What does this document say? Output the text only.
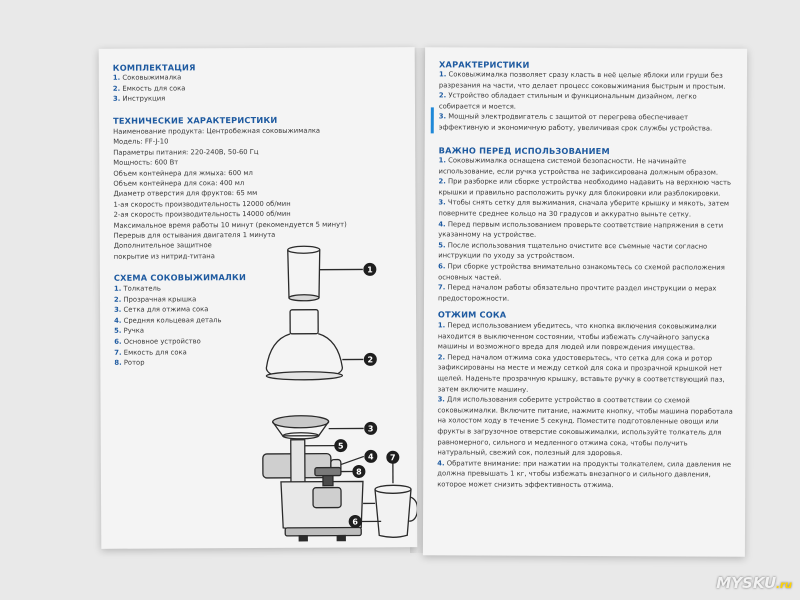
КОМПЛЕКТАЦИЯ
1. Соковыжималка
2. Емкость для сока
3. Инструкция
ТЕХНИЧЕСКИЕ ХАРАКТЕРИСТИКИ
Наименование продукта: Центробежная соковыжималка
Модель: FF-J-10
Параметры питания: 220-240В, 50-60 Гц
Мощность: 600 Вт
Объем контейнера для жмыха: 600 мл
Объем контейнера для сока: 400 мл
Диаметр отверстия для фруктов: 65 мм
1-ая скорость производительность 12000 об/мин
2-ая скорость производительность 14000 об/мин
Максимальное время работы 10 минут (рекомендуется 5 минут)
Перерыв для остывания двигателя 1 минута
Дополнительное защитное
покрытие из нитрид-титана
СХЕМА СОКОВЫЖИМАЛКИ
1. Толкатель
2. Прозрачная крышка
3. Сетка для отжима сока
4. Средняя кольцевая деталь
5. Ручка
6. Основное устройство
7. Емкость для сока
8. Ротор
1
2
3
4
5
6
7
8
ХАРАКТЕРИСТИКИ
1. Соковыжималка позволяет сразу класть в неё целые яблоки или груши без разрезания на части, что делает процесс соковыжимания быстрым и простым.
2. Устройство обладает стильным и функциональным дизайном, легко собирается и моется.
3. Мощный электродвигатель с защитой от перегрева обеспечивает эффективную и экономичную работу, увеличивая срок службы устройства.
ВАЖНО ПЕРЕД ИСПОЛЬЗОВАНИЕМ
1. Соковыжималка оснащена системой безопасности. Не начинайте использование, если ручка устройства не зафиксирована должным образом.
2. При разборке или сборке устройства необходимо надавить на верхнюю часть крышки и правильно расположить ручку для блокировки или разблокировки.
3. Чтобы снять сетку для выжимания, сначала уберите крышку и мякоть, затем поверните среднее кольцо на 30 градусов и аккуратно выньте сетку.
4. Перед первым использованием проверьте соответствие напряжения в сети указанному на устройстве.
5. После использования тщательно очистите все съемные части согласно инструкции по уходу за устройством.
6. При сборке устройства внимательно ознакомьтесь со схемой расположения основных частей.
7. Перед началом работы обязательно прочтите раздел инструкции о мерах предосторожности.
ОТЖИМ СОКА
1. Перед использованием убедитесь, что кнопка включения соковыжималки находится в выключенном состоянии, чтобы избежать случайного запуска машины и возможного вреда для людей или повреждения имущества.
2. Перед началом отжима сока удостоверьтесь, что сетка для сока и ротор зафиксированы на месте и между сеткой для сока и прозрачной крышкой нет щелей. Наденьте прозрачную крышку, вставьте ручку в соответствующий паз, затем включите машину.
3. Для использования соберите устройство в соответствии со схемой соковыжималки. Включите питание, нажмите кнопку, чтобы машина поработала на холостом ходу в течение 5 секунд. Поместите подготовленные овощи или фрукты в загрузочное отверстие соковыжималки, используйте толкатель для равномерного, сильного и медленного отжима сока, чтобы получить натуральный, свежий сок, полезный для здоровья.
4. Обратите внимание: при нажатии на продукты толкателем, сила давления не должна превышать 1 кг, чтобы избежать внезапного и сильного давления, которое может снизить эффективность отжима.
MYSKU.ru
